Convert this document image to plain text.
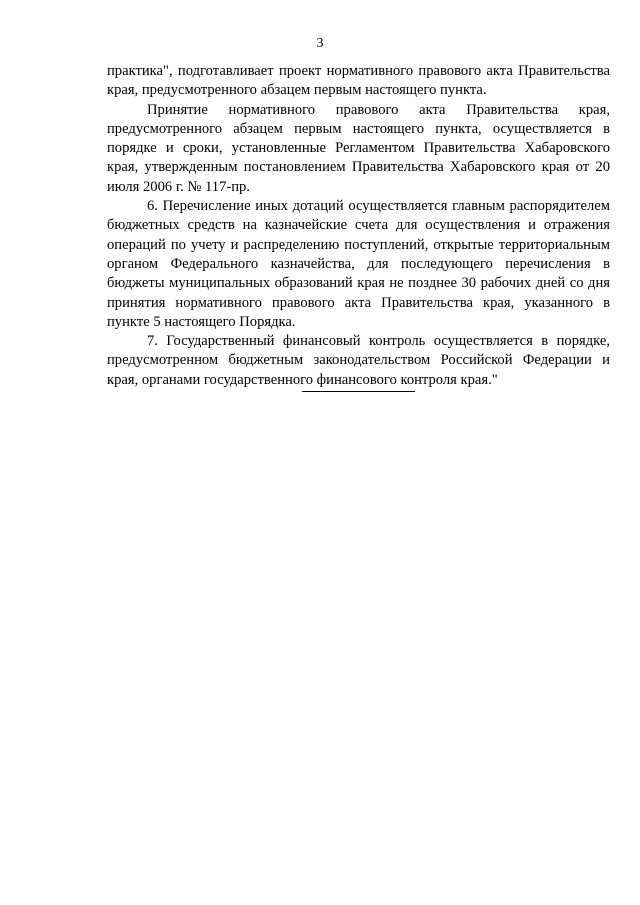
3

практика", подготавливает проект нормативного правового акта Правительства края, предусмотренного абзацем первым настоящего пункта.

Принятие нормативного правового акта Правительства края, предусмотренного абзацем первым настоящего пункта, осуществляется в порядке и сроки, установленные Регламентом Правительства Хабаровского края, утвержденным постановлением Правительства Хабаровского края от 20 июля 2006 г. № 117-пр.

6. Перечисление иных дотаций осуществляется главным распорядителем бюджетных средств на казначейские счета для осуществления и отражения операций по учету и распределению поступлений, открытые территориальным органом Федерального казначейства, для последующего перечисления в бюджеты муниципальных образований края не позднее 30 рабочих дней со дня принятия нормативного правового акта Правительства края, указанного в пункте 5 настоящего Порядка.

7. Государственный финансовый контроль осуществляется в порядке, предусмотренном бюджетным законодательством Российской Федерации и края, органами государственного финансового контроля края."
